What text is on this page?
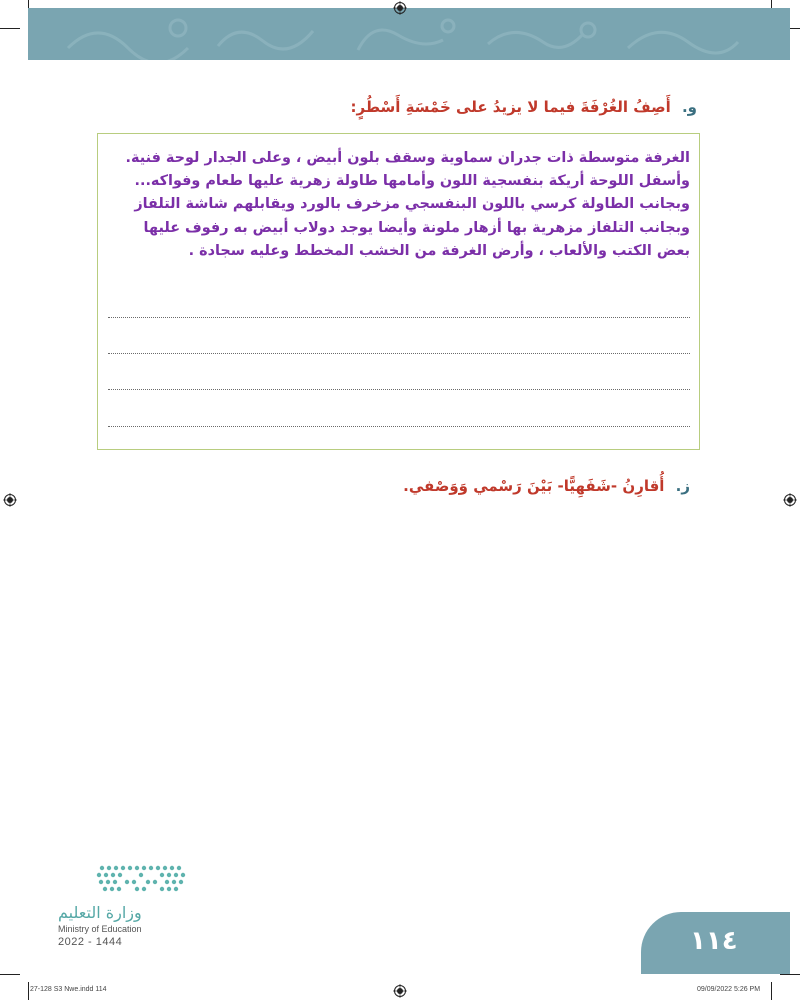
و. أَصِفُ الغُرْفَةَ فيما لا يزيدُ على خَمْسَةِ أَسْطُرٍ:
الغرفة متوسطة ذات جدران سماوية وسقف بلون أبيض ، وعلى الجدار لوحة فنية.
وأسفل اللوحة أريكة بنفسجية اللون وأمامها طاولة زهرية عليها طعام وفواكه...
وبجانب الطاولة كرسي باللون البنفسجي مزخرف بالورد ويقابلهم شاشة التلفاز
وبجانب التلفاز مزهرية بها أزهار ملونة وأيضا يوجد دولاب أبيض به رفوف عليها
بعض الكتب والألعاب ، وأرض الغرفة من الخشب المخطط وعليه سجادة .
ز. أُقارِنُ -شَفَهِيًّا- بَيْنَ رَسْمي وَوَصْفي.
وزارة التعليم
Ministry of Education
2022 - 1444	١١٤
27-128 S3 Nwe.indd 114	09/09/2022 5:26 PM
